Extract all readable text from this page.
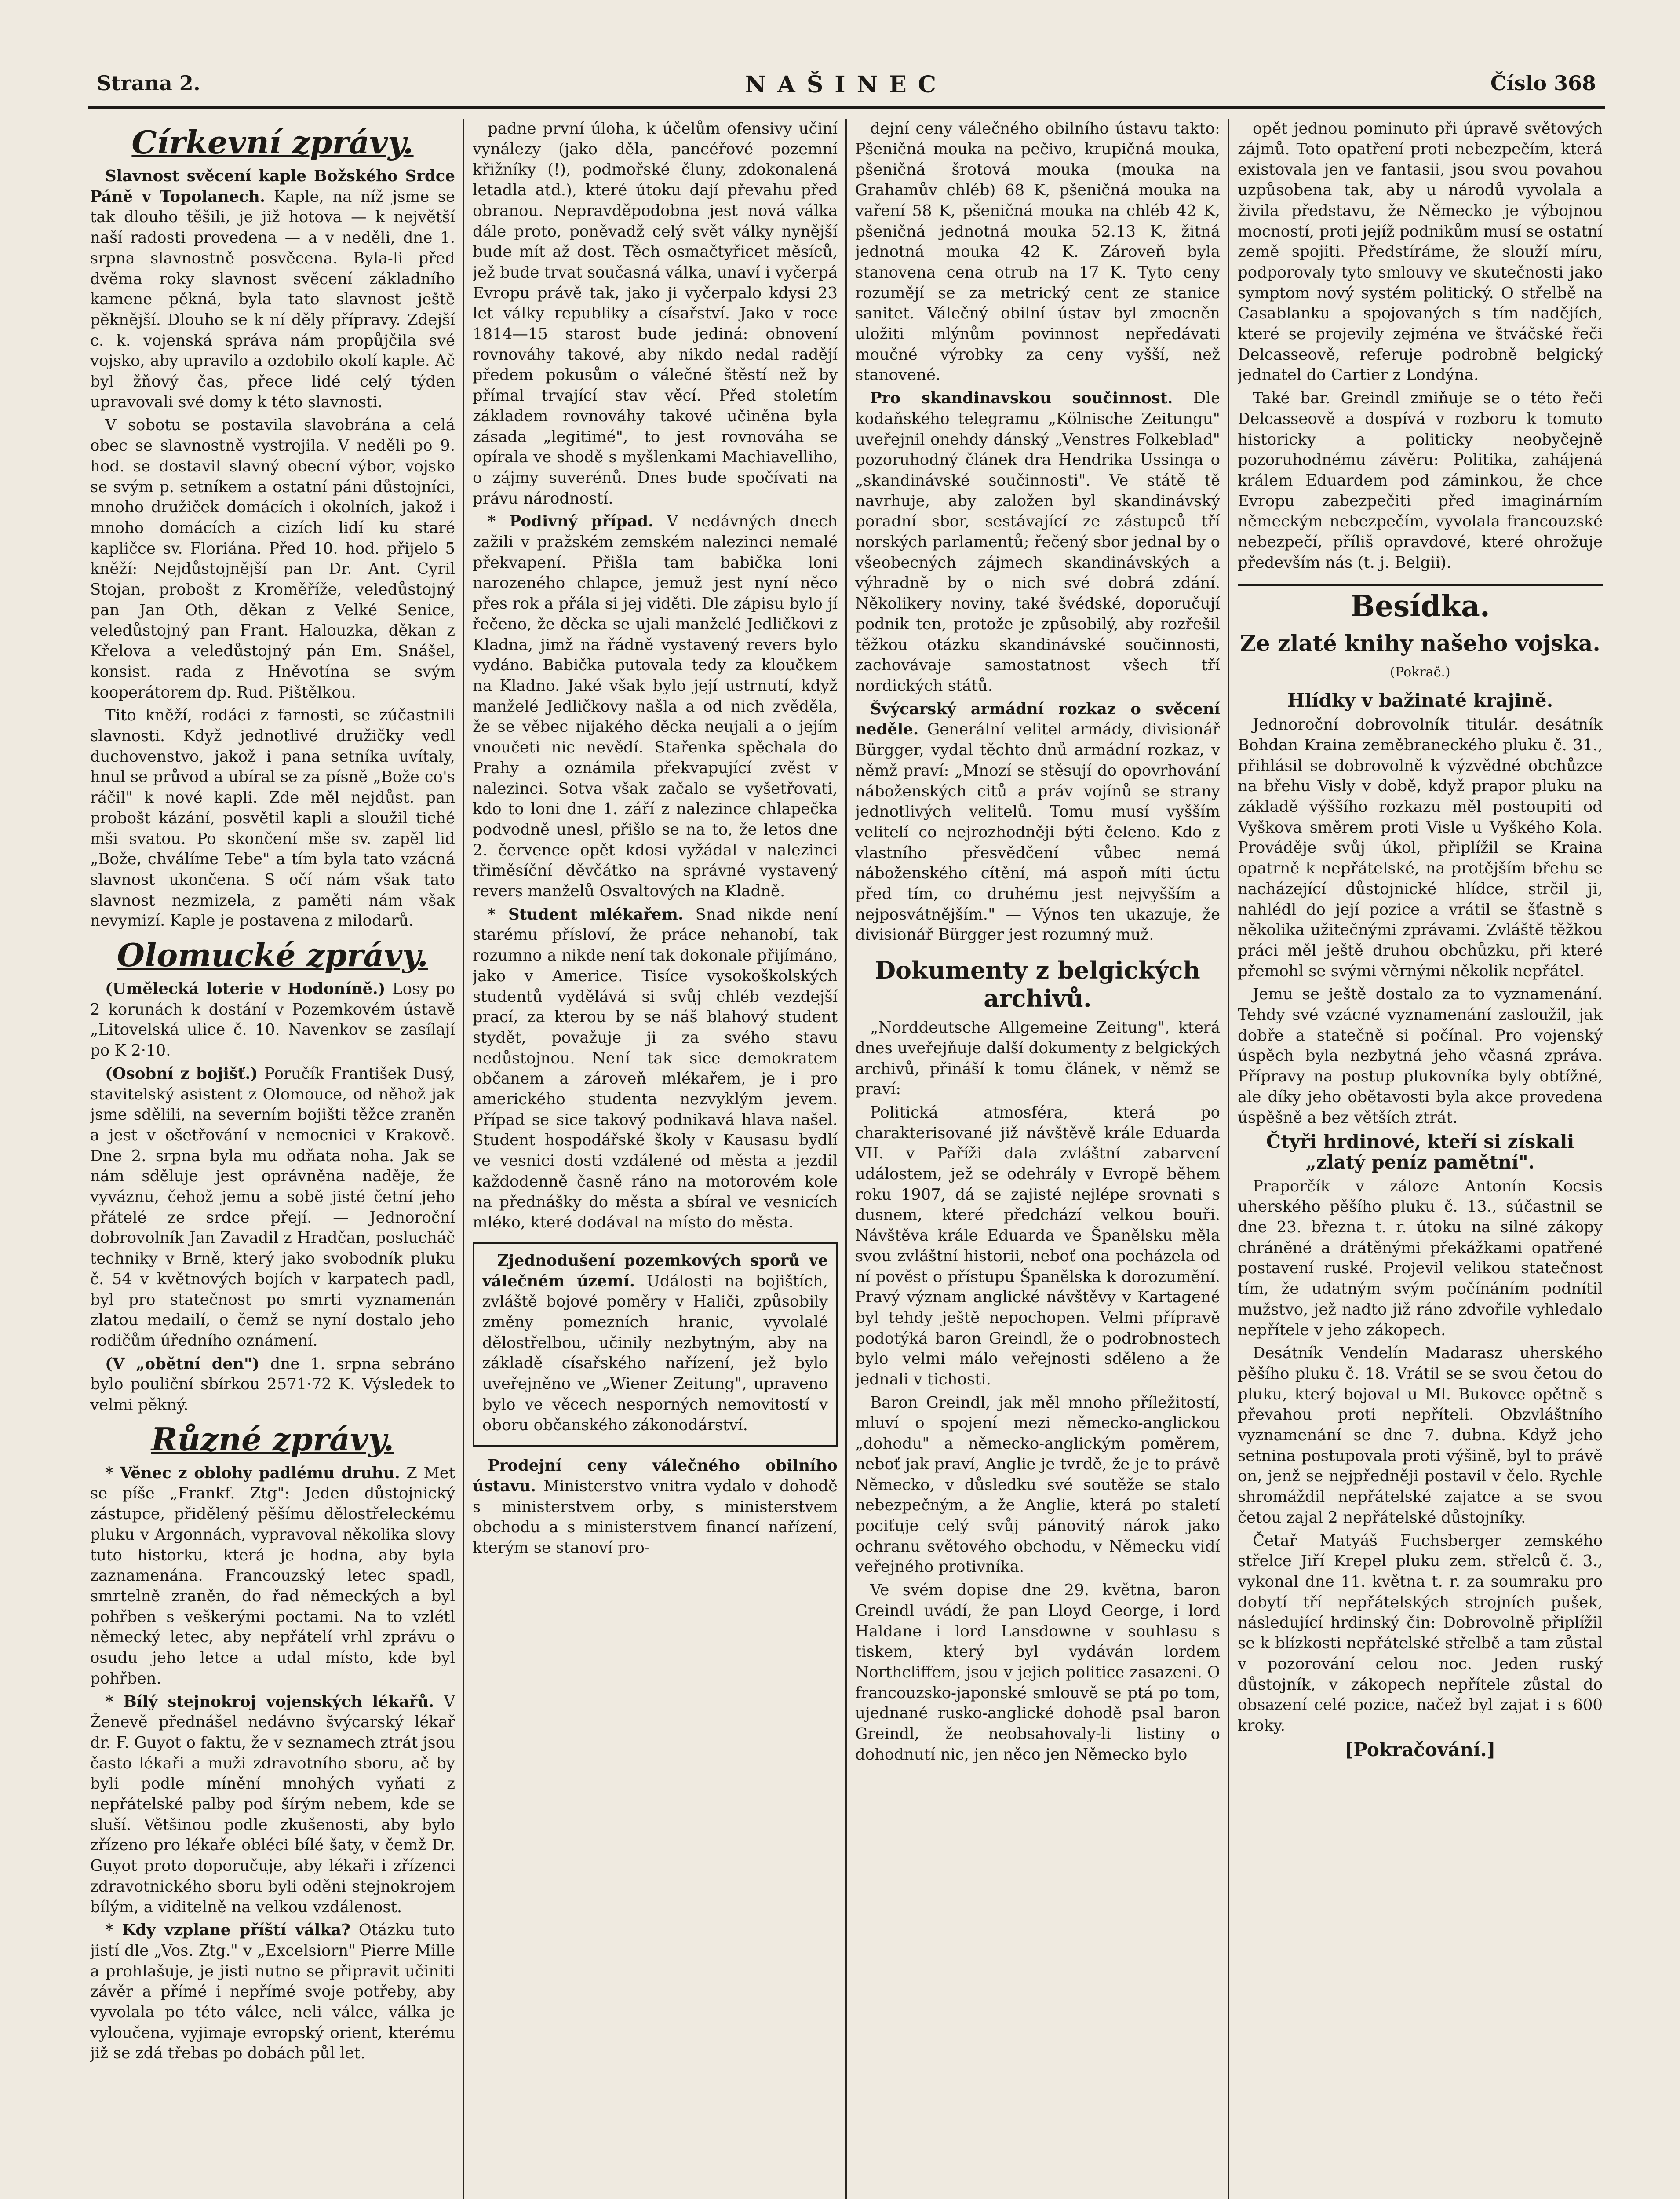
Strana 2.	NAŠINEC	Číslo 368
Církevní zprávy.

Slavnost svěcení kaple Božského Srdce Páně v Topolanech. Kaple, na níž jsme se tak dlouho těšili, je již hotova — k největší naší radosti provedena — a v neděli, dne 1. srpna slavnostně posvěcena. Byla-li před dvěma roky slavnost svěcení základního kamene pěkná, byla tato slavnost ještě pěknější. Dlouho se k ní děly přípravy. Zdejší c. k. vojenská správa nám propůjčila své vojsko, aby upravilo a ozdobilo okolí kaple. Ač byl žňový čas, přece lidé celý týden upravovali své domy k této slavnosti.

V sobotu se postavila slavobrána a celá obec se slavnostně vystrojila. V neděli po 9. hod. se dostavil slavný obecní výbor, vojsko se svým p. setníkem a ostatní páni důstojníci, mnoho družiček domácích i okolních, jakož i mnoho domácích a cizích lidí ku staré kapličce sv. Floriána. Před 10. hod. přijelo 5 kněží: Nejdůstojnější pan Dr. Ant. Cyril Stojan, probošt z Kroměříže, veledůstojný pan Jan Oth, děkan z Velké Senice, veledůstojný pan Frant. Halouzka, děkan z Křelova a veledůstojný pán Em. Snášel, konsist. rada z Hněvotína se svým kooperátorem dp. Rud. Pištělkou.

Tito kněží, rodáci z farnosti, se zúčastnili slavnosti. Když jednotlivé družičky vedl duchovenstvo, jakož i pana setníka uvítaly, hnul se průvod a ubíral se za písně „Bože co's ráčil" k nové kapli. Zde měl nejdůst. pan probošt kázání, posvětil kapli a sloužil tiché mši svatou. Po skončení mše sv. zapěl lid „Bože, chválíme Tebe" a tím byla tato vzácná slavnost ukončena. S očí nám však tato slavnost nezmizela, z paměti nám však nevymizí. Kaple je postavena z milodarů.

Olomucké zprávy.

(Umělecká loterie v Hodoníně.) Losy po 2 korunách k dostání v Pozemkovém ústavě „Litovelská ulice č. 10. Navenkov se zasílají po K 2·10.

(Osobní z bojišť.) Poručík František Dusý, stavitelský asistent z Olomouce, od něhož jak jsme sdělili, na severním bojišti těžce zraněn a jest v ošetřování v nemocnici v Krakově. Dne 2. srpna byla mu odňata noha. Jak se nám sděluje jest oprávněna naděje, že vyváznu, čehož jemu a sobě jisté četní jeho přátelé ze srdce přejí. — Jednoroční dobrovolník Jan Zavadil z Hradčan, poslucháč techniky v Brně, který jako svobodník pluku č. 54 v květnových bojích v karpatech padl, byl pro statečnost po smrti vyznamenán zlatou medailí, o čemž se nyní dostalo jeho rodičům úředního oznámení.

(V „obětní den") dne 1. srpna sebráno bylo pouliční sbírkou 2571·72 K. Výsledek to velmi pěkný.

Různé zprávy.

* Věnec z oblohy padlému druhu. Z Met se píše „Frankf. Ztg": Jeden důstojnický zástupce, přidělený pěšímu dělostřeleckému pluku v Argonnách, vypravoval několika slovy tuto historku, která je hodna, aby byla zaznamenána. Francouzský letec spadl, smrtelně zraněn, do řad německých a byl pohřben s veškerými poctami. Na to vzlétl německý letec, aby nepřátelí vrhl zprávu o osudu jeho letce a udal místo, kde byl pohřben.

* Bílý stejnokroj vojenských lékařů. V Ženevě přednášel nedávno švýcarský lékař dr. F. Guyot o faktu, že v seznamech ztrát jsou často lékaři a muži zdravotního sboru, ač by byli podle mínění mnohých vyňati z nepřátelské palby pod šírým nebem, kde se sluší. Většinou podle zkušenosti, aby bylo zřízeno pro lékaře obléci bílé šaty, v čemž Dr. Guyot proto doporučuje, aby lékaři i zřízenci zdravotnického sboru byli oděni stejnokrojem bílým, a viditelně na velkou vzdálenost.

* Kdy vzplane příští válka? Otázku tuto jistí dle „Vos. Ztg." v „Excelsiorn" Pierre Mille a prohlašuje, je jisti nutno se připravit učiniti závěr a přímé i nepřímé svoje potřeby, aby vyvolala po této válce, neli válce, válka je vyloučena, vyjimaje evropský orient, kterému již se zdá třebas po dobách půl let.

padne první úloha, k účelům ofensivy učiní vynálezy (jako děla, pancéřové pozemní křižníky (!), podmořské čluny, zdokonalená letadla atd.), které útoku dají převahu před obranou. Nepravděpodobna jest nová válka dále proto, poněvadž celý svět války nynější bude mít až dost. Těch osmačtyřicet měsíců, jež bude trvat současná válka, unaví i vyčerpá Evropu právě tak, jako ji vyčerpalo kdysi 23 let války republiky a císařství. Jako v roce 1814—15 starost bude jediná: obnovení rovnováhy takové, aby nikdo nedal radějí předem pokusům o válečné štěstí než by přímal trvající stav věcí. Před stoletím základem rovnováhy takové učiněna byla zásada „legitimé", to jest rovnováha se opírala ve shodě s myšlenkami Machiavelliho, o zájmy suverénů. Dnes bude spočívati na právu národností.

* Podivný případ. V nedávných dnech zažili v pražském zemském nalezinci nemalé překvapení. Přišla tam babička loni narozeného chlapce, jemuž jest nyní něco přes rok a přála si jej viděti. Dle zápisu bylo jí řečeno, že děcka se ujali manželé Jedličkovi z Kladna, jimž na řádně vystavený revers bylo vydáno. Babička putovala tedy za kloučkem na Kladno. Jaké však bylo její ustrnutí, když manželé Jedličkovy našla a od nich zvěděla, že se věbec nijakého děcka neujali a o jejím vnoučeti nic nevědí. Stařenka spěchala do Prahy a oznámila překvapující zvěst v nalezinci. Sotva však začalo se vyšetřovati, kdo to loni dne 1. září z nalezince chlapečka podvodně unesl, přišlo se na to, že letos dne 2. července opět kdosi vyžádal v nalezinci třiměsíční děvčátko na správné vystavený revers manželů Osvaltových na Kladně.

* Student mlékařem. Snad nikde není starému přísloví, že práce nehanobí, tak rozumno a nikde není tak dokonale přijímáno, jako v Americe. Tisíce vysokoškolských studentů vydělává si svůj chléb vezdejší prací, za kterou by se náš blahový student stydět, považuje ji za svého stavu nedůstojnou. Není tak sice demokratem občanem a zároveň mlékařem, je i pro amerického studenta nezvyklým jevem. Případ se sice takový podnikavá hlava našel. Student hospodářské školy v Kausasu bydlí ve vesnici dosti vzdálené od města a jezdil každodenně časně ráno na motorovém kole na přednášky do města a sbíral ve vesnicích mléko, které dodával na místo do města.

Zjednodušení pozemkových sporů ve válečném území. Události na bojištích, zvláště bojové poměry v Haliči, způsobily změny pomezních hranic, vyvolalé dělostřelbou, učinily nezbytným, aby na základě císařského nařízení, jež bylo uveřejněno ve „Wiener Zeitung", upraveno bylo ve věcech nesporných nemovitostí v oboru občanského zákonodárství.

Prodejní ceny válečného obilního ústavu. Ministerstvo vnitra vydalo v dohodě s ministerstvem orby, s ministerstvem obchodu a s ministerstvem financí nařízení, kterým se stanoví pro-

dejní ceny válečného obilního ústavu takto: Pšeničná mouka na pečivo, krupičná mouka, pšeničná šrotová mouka (mouka na Grahamův chléb) 68 K, pšeničná mouka na vaření 58 K, pšeničná mouka na chléb 42 K, pšeničná jednotná mouka 52.13 K, žitná jednotná mouka 42 K. Zároveň byla stanovena cena otrub na 17 K. Tyto ceny rozumějí se za metrický cent ze stanice sanitet. Válečný obilní ústav byl zmocněn uložiti mlýnům povinnost nepředávati moučné výrobky za ceny vyšší, než stanovené.

Pro skandinavskou součinnost. Dle kodaňského telegramu „Kölnische Zeitungu" uveřejnil onehdy dánský „Venstres Folkeblad" pozoruhodný článek dra Hendrika Ussinga o „skandinávské součinnosti". Ve státě tě navrhuje, aby založen byl skandinávský poradní sbor, sestávající ze zástupců tří norských parlamentů; řečený sbor jednal by o všeobecných zájmech skandinávských a výhradně by o nich své dobrá zdání. Několikery noviny, také švédské, doporučují podnik ten, protože je způsobilý, aby rozřešil těžkou otázku skandinávské součinnosti, zachovávaje samostatnost všech tří nordických států.

Švýcarský armádní rozkaz o svěcení neděle. Generální velitel armády, divisionář Bürgger, vydal těchto dnů armádní rozkaz, v němž praví: „Mnozí se stěsují do opovrhování náboženských citů a práv vojínů se strany jednotlivých velitelů. Tomu musí vyšším velitelí co nejrozhodněji býti čeleno. Kdo z vlastního přesvědčení vůbec nemá náboženského cítění, má aspoň míti úctu před tím, co druhému jest nejvyšším a nejposvátnějším." — Výnos ten ukazuje, že divisionář Bürgger jest rozumný muž.

Dokumenty z belgických archivů.

„Norddeutsche Allgemeine Zeitung", která dnes uveřejňuje další dokumenty z belgických archivů, přináší k tomu článek, v němž se praví:

Politická atmosféra, která po charakterisované již návštěvě krále Eduarda VII. v Paříži dala zvláštní zabarvení událostem, jež se odehrály v Evropě během roku 1907, dá se zajisté nejlépe srovnati s dusnem, které předchází velkou bouři. Návštěva krále Eduarda ve Španělsku měla svou zvláštní historii, neboť ona pocházela od ní pověst o přístupu Španělska k dorozumění. Pravý význam anglické návštěvy v Kartagené byl tehdy ještě nepochopen. Velmi přípravě podotýká baron Greindl, že o podrobnostech bylo velmi málo veřejnosti sděleno a že jednali v tichosti.

Baron Greindl, jak měl mnoho příležitostí, mluví o spojení mezi německo-anglickou „dohodu" a německo-anglickým poměrem, neboť jak praví, Anglie je tvrdě, že je to právě Německo, v důsledku své soutěže se stalo nebezpečným, a že Anglie, která po staletí pociťuje celý svůj pánovitý nárok jako ochranu světového obchodu, v Německu vidí veřejného protivníka.

Ve svém dopise dne 29. května, baron Greindl uvádí, že pan Lloyd George, i lord Haldane i lord Lansdowne v souhlasu s tiskem, který byl vydáván lordem Northcliffem, jsou v jejich politice zasazeni. O francouzsko-japonské smlouvě se ptá po tom, ujednané rusko-anglické dohodě psal baron Greindl, že neobsahovaly-li listiny o dohodnutí nic, jen něco jen Německo bylo

opět jednou pominuto při úpravě světových zájmů. Toto opatření proti nebezpečím, která existovala jen ve fantasii, jsou svou povahou uzpůsobena tak, aby u národů vyvolala a živila představu, že Německo je výbojnou mocností, proti jejíž podnikům musí se ostatní země spojiti. Předstíráme, že slouží míru, podporovaly tyto smlouvy ve skutečnosti jako symptom nový systém politický. O střelbě na Casablanku a spojovaných s tím nadějích, které se projevily zejména ve štváčské řeči Delcasseově, referuje podrobně belgický jednatel do Cartier z Londýna.

Také bar. Greindl zmiňuje se o této řeči Delcasseově a dospívá v rozboru k tomuto historicky a politicky neobyčejně pozoruhodnému závěru: Politika, zahájená králem Eduardem pod záminkou, že chce Evropu zabezpečiti před imaginárním německým nebezpečím, vyvolala francouzské nebezpečí, příliš opravdové, které ohrožuje především nás (t. j. Belgii).

Besídka.
Ze zlaté knihy našeho vojska. (Pokrač.)

Hlídky v bažinaté krajině.

Jednoroční dobrovolník titulár. desátník Bohdan Kraina zeměbraneckého pluku č. 31., přihlásil se dobrovolně k výzvědné obchůzce na břehu Visly v době, když prapor pluku na základě výššího rozkazu měl postoupiti od Vyškova směrem proti Visle u Vyškého Kola. Prováděje svůj úkol, připlížil se Kraina opatrně k nepřátelské, na protějším břehu se nacházející důstojnické hlídce, strčil ji, nahlédl do její pozice a vrátil se šťastně s několika užitečnými zprávami. Zvláště těžkou práci měl ještě druhou obchůzku, při které přemohl se svými věrnými několik nepřátel.

Jemu se ještě dostalo za to vyznamenání. Tehdy své vzácné vyznamenání zasloužil, jak dobře a statečně si počínal. Pro vojenský úspěch byla nezbytná jeho včasná zpráva. Přípravy na postup plukovníka byly obtížné, ale díky jeho obětavosti byla akce provedena úspěšně a bez větších ztrát.

Čtyři hrdinové, kteří si získali „zlatý peníz pamětní".

Praporčík v záloze Antonín Kocsis uherského pěšího pluku č. 13., súčastnil se dne 23. března t. r. útoku na silné zákopy chráněné a drátěnými překážkami opatřené postavení ruské. Projevil velikou statečnost tím, že udatným svým počínáním podnítil mužstvo, jež nadto již ráno zdvořile vyhledalo nepřítele v jeho zákopech.

Desátník Vendelín Madarasz uherského pěšího pluku č. 18. Vrátil se se svou četou do pluku, který bojoval u Ml. Bukovce opětně s převahou proti nepříteli. Obzvláštního vyznamenání se dne 7. dubna. Když jeho setnina postupovala proti výšině, byl to právě on, jenž se nejpředněji postavil v čelo. Rychle shromáždil nepřátelské zajatce a se svou četou zajal 2 nepřátelské důstojníky.

Četař Matyáš Fuchsberger zemského střelce Jiří Krepel pluku zem. střelců č. 3., vykonal dne 11. května t. r. za soumraku pro dobytí tří nepřátelských strojních pušek, následující hrdinský čin: Dobrovolně připlížil se k blízkosti nepřátelské střelbě a tam zůstal v pozorování celou noc. Jeden ruský důstojník, v zákopech nepřítele zůstal do obsazení celé pozice, načež byl zajat i s 600 kroky.

[Pokračování.]
